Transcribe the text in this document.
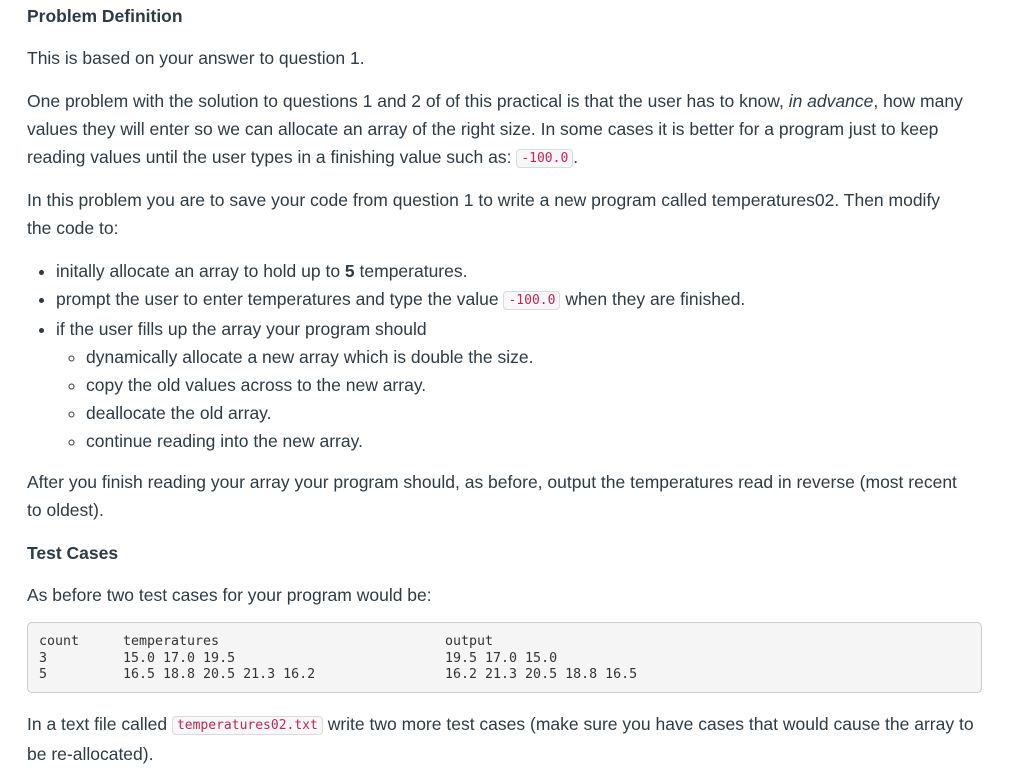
Problem Definition

This is based on your answer to question 1.

One problem with the solution to questions 1 and 2 of of this practical is that the user has to know, in advance, how many values they will enter so we can allocate an array of the right size. In some cases it is better for a program just to keep reading values until the user types in a finishing value such as: -100.0 .

In this problem you are to save your code from question 1 to write a new program called temperatures02. Then modify the code to:

• initally allocate an array to hold up to 5 temperatures.
• prompt the user to enter temperatures and type the value -100.0 when they are finished.
• if the user fills up the array your program should
◦ dynamically allocate a new array which is double the size.
◦ copy the old values across to the new array.
◦ deallocate the old array.
◦ continue reading into the new array.

After you finish reading your array your program should, as before, output the temperatures read in reverse (most recent to oldest).

Test Cases

As before two test cases for your program would be:

count
3
5
temperatures
15.0 17.0 19.5
16.5 18.8 20.5 21.3 16.2
output
19.5 17.0 15.0
16.2 21.3 20.5 18.8 16.5

In a text file called temperatures02.txt write two more test cases (make sure you have cases that would cause the array to be re-allocated).
